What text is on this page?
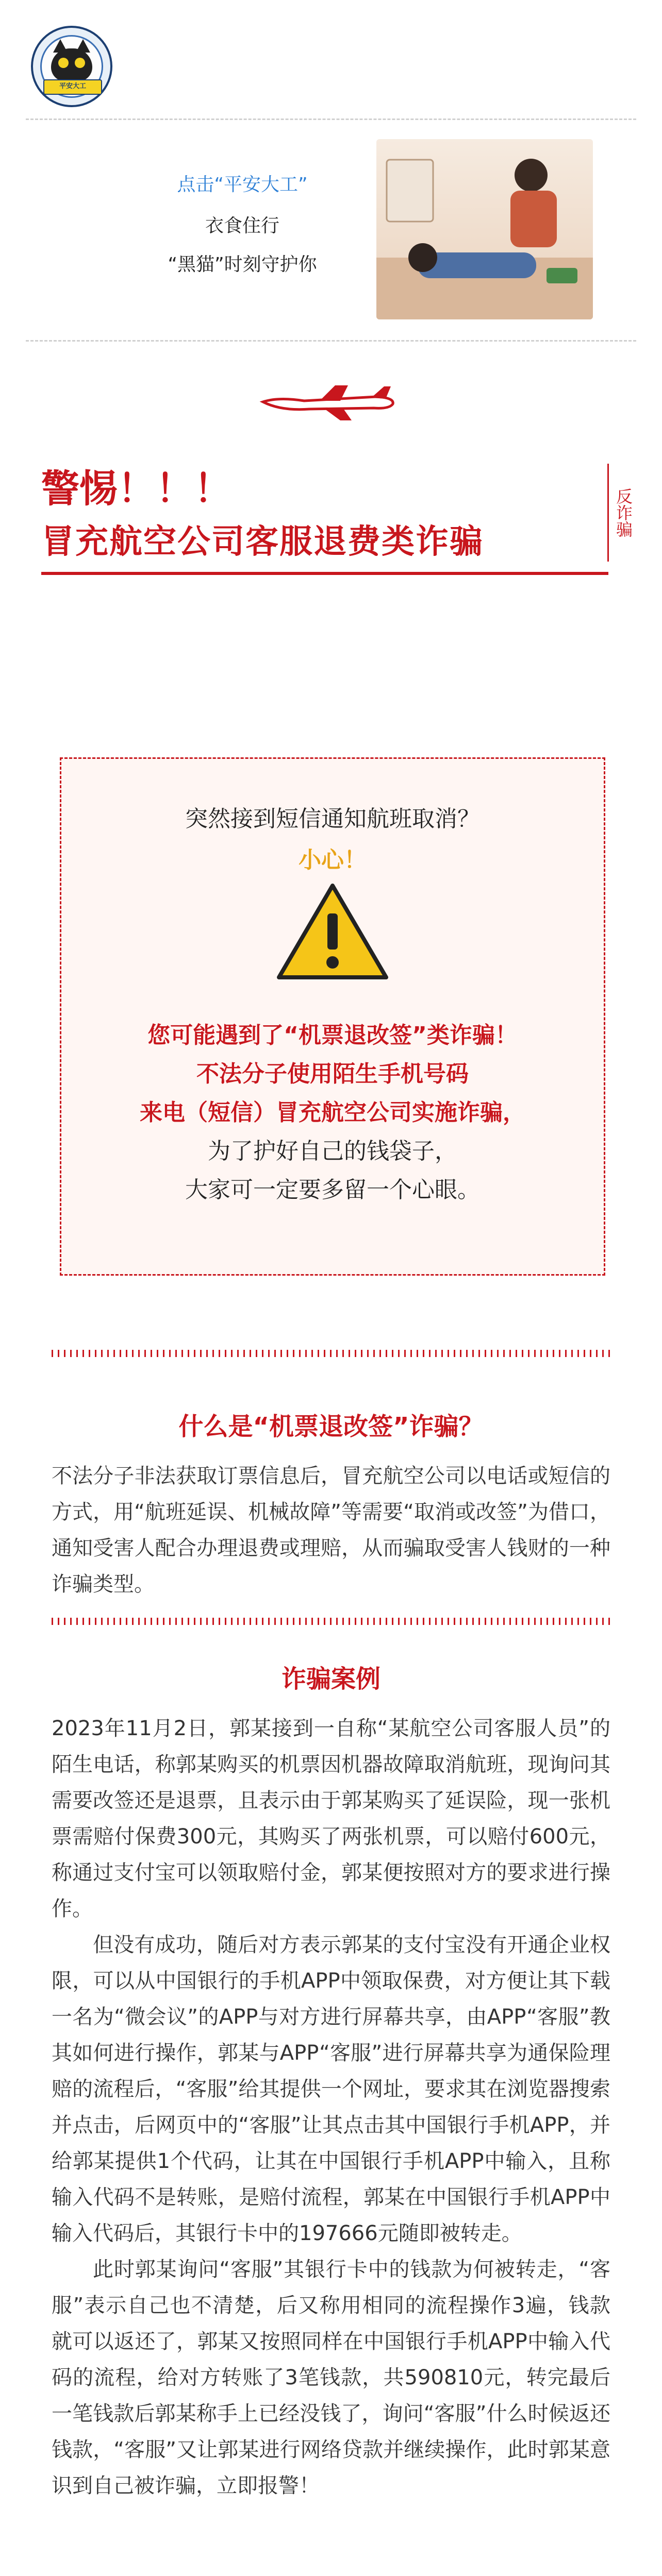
平安大工
点击“平安大工”
衣食住行
“黑猫”时刻守护你
警惕！！！
冒充航空公司客服退费类诈骗
反诈骗
突然接到短信通知航班取消？
小心！
您可能遇到了“机票退改签”类诈骗！
不法分子使用陌生手机号码
来电（短信）冒充航空公司实施诈骗，
为了护好自己的钱袋子，
大家可一定要多留一个心眼。
什么是“机票退改签”诈骗？

不法分子非法获取订票信息后，冒充航空公司以电话或短信的方式，用“航班延误、机械故障”等需要“取消或改签”为借口，通知受害人配合办理退费或理赔，从而骗取受害人钱财的一种诈骗类型。

诈骗案例

2023年11月2日，郭某接到一自称“某航空公司客服人员”的陌生电话，称郭某购买的机票因机器故障取消航班，现询问其需要改签还是退票，且表示由于郭某购买了延误险，现一张机票需赔付保费300元，其购买了两张机票，可以赔付600元，称通过支付宝可以领取赔付金，郭某便按照对方的要求进行操作。

但没有成功，随后对方表示郭某的支付宝没有开通企业权限，可以从中国银行的手机APP中领取保费，对方便让其下载一名为“微会议”的APP与对方进行屏幕共享，由APP“客服”教其如何进行操作，郭某与APP“客服”进行屏幕共享为通保险理赔的流程后，“客服”给其提供一个网址，要求其在浏览器搜索并点击，后网页中的“客服”让其点击其中国银行手机APP，并给郭某提供1个代码，让其在中国银行手机APP中输入，且称输入代码不是转账，是赔付流程，郭某在中国银行手机APP中输入代码后，其银行卡中的197666元随即被转走。

此时郭某询问“客服”其银行卡中的钱款为何被转走，“客服”表示自己也不清楚，后又称用相同的流程操作3遍，钱款就可以返还了，郭某又按照同样在中国银行手机APP中输入代码的流程，给对方转账了3笔钱款，共590810元，转完最后一笔钱款后郭某称手上已经没钱了，询问“客服”什么时候返还钱款，“客服”又让郭某进行网络贷款并继续操作，此时郭某意识到自己被诈骗，立即报警！
